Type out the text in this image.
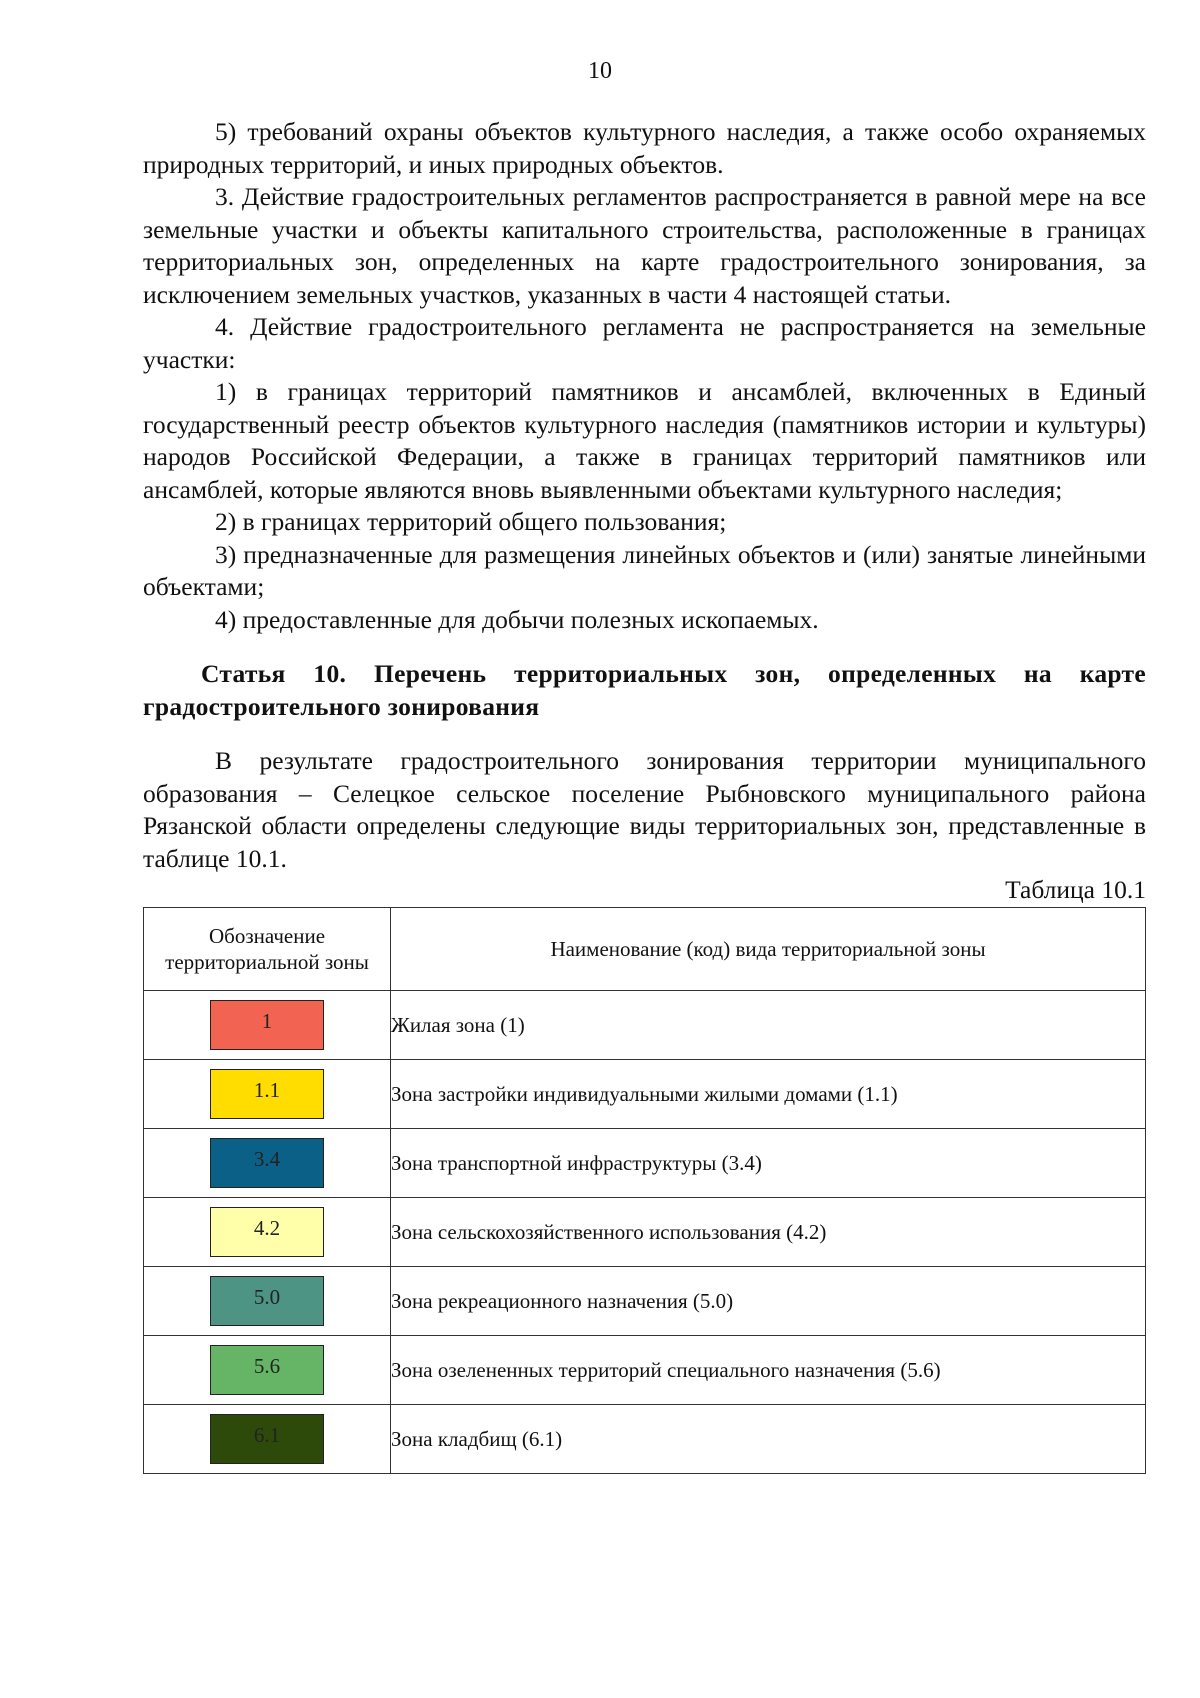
10

5) требований охраны объектов культурного наследия, а также особо охраняемых природных территорий, и иных природных объектов.

3. Действие градостроительных регламентов распространяется в равной мере на все земельные участки и объекты капитального строительства, расположенные в границах территориальных зон, определенных на карте градостроительного зонирования, за исключением земельных участков, указанных в части 4 настоящей статьи.

4. Действие градостроительного регламента не распространяется на земельные участки:

1) в границах территорий памятников и ансамблей, включенных в Единый государственный реестр объектов культурного наследия (памятников истории и культуры) народов Российской Федерации, а также в границах территорий памятников или ансамблей, которые являются вновь выявленными объектами культурного наследия;

2) в границах территорий общего пользования;

3) предназначенные для размещения линейных объектов и (или) занятые линейными объектами;

4) предоставленные для добычи полезных ископаемых.

Статья 10. Перечень территориальных зон, определенных на карте градостроительного зонирования

В результате градостроительного зонирования территории муниципального образования – Селецкое сельское поселение Рыбновского муниципального района Рязанской области определены следующие виды территориальных зон, представленные в таблице 10.1.

Таблица 10.1
Обозначение территориальной зоны	Наименование (код) вида территориальной зоны
1	Жилая зона (1)
1.1	Зона застройки индивидуальными жилыми домами (1.1)
3.4	Зона транспортной инфраструктуры (3.4)
4.2	Зона сельскохозяйственного использования (4.2)
5.0	Зона рекреационного назначения (5.0)
5.6	Зона озелененных территорий специального назначения (5.6)
6.1	Зона кладбищ (6.1)
